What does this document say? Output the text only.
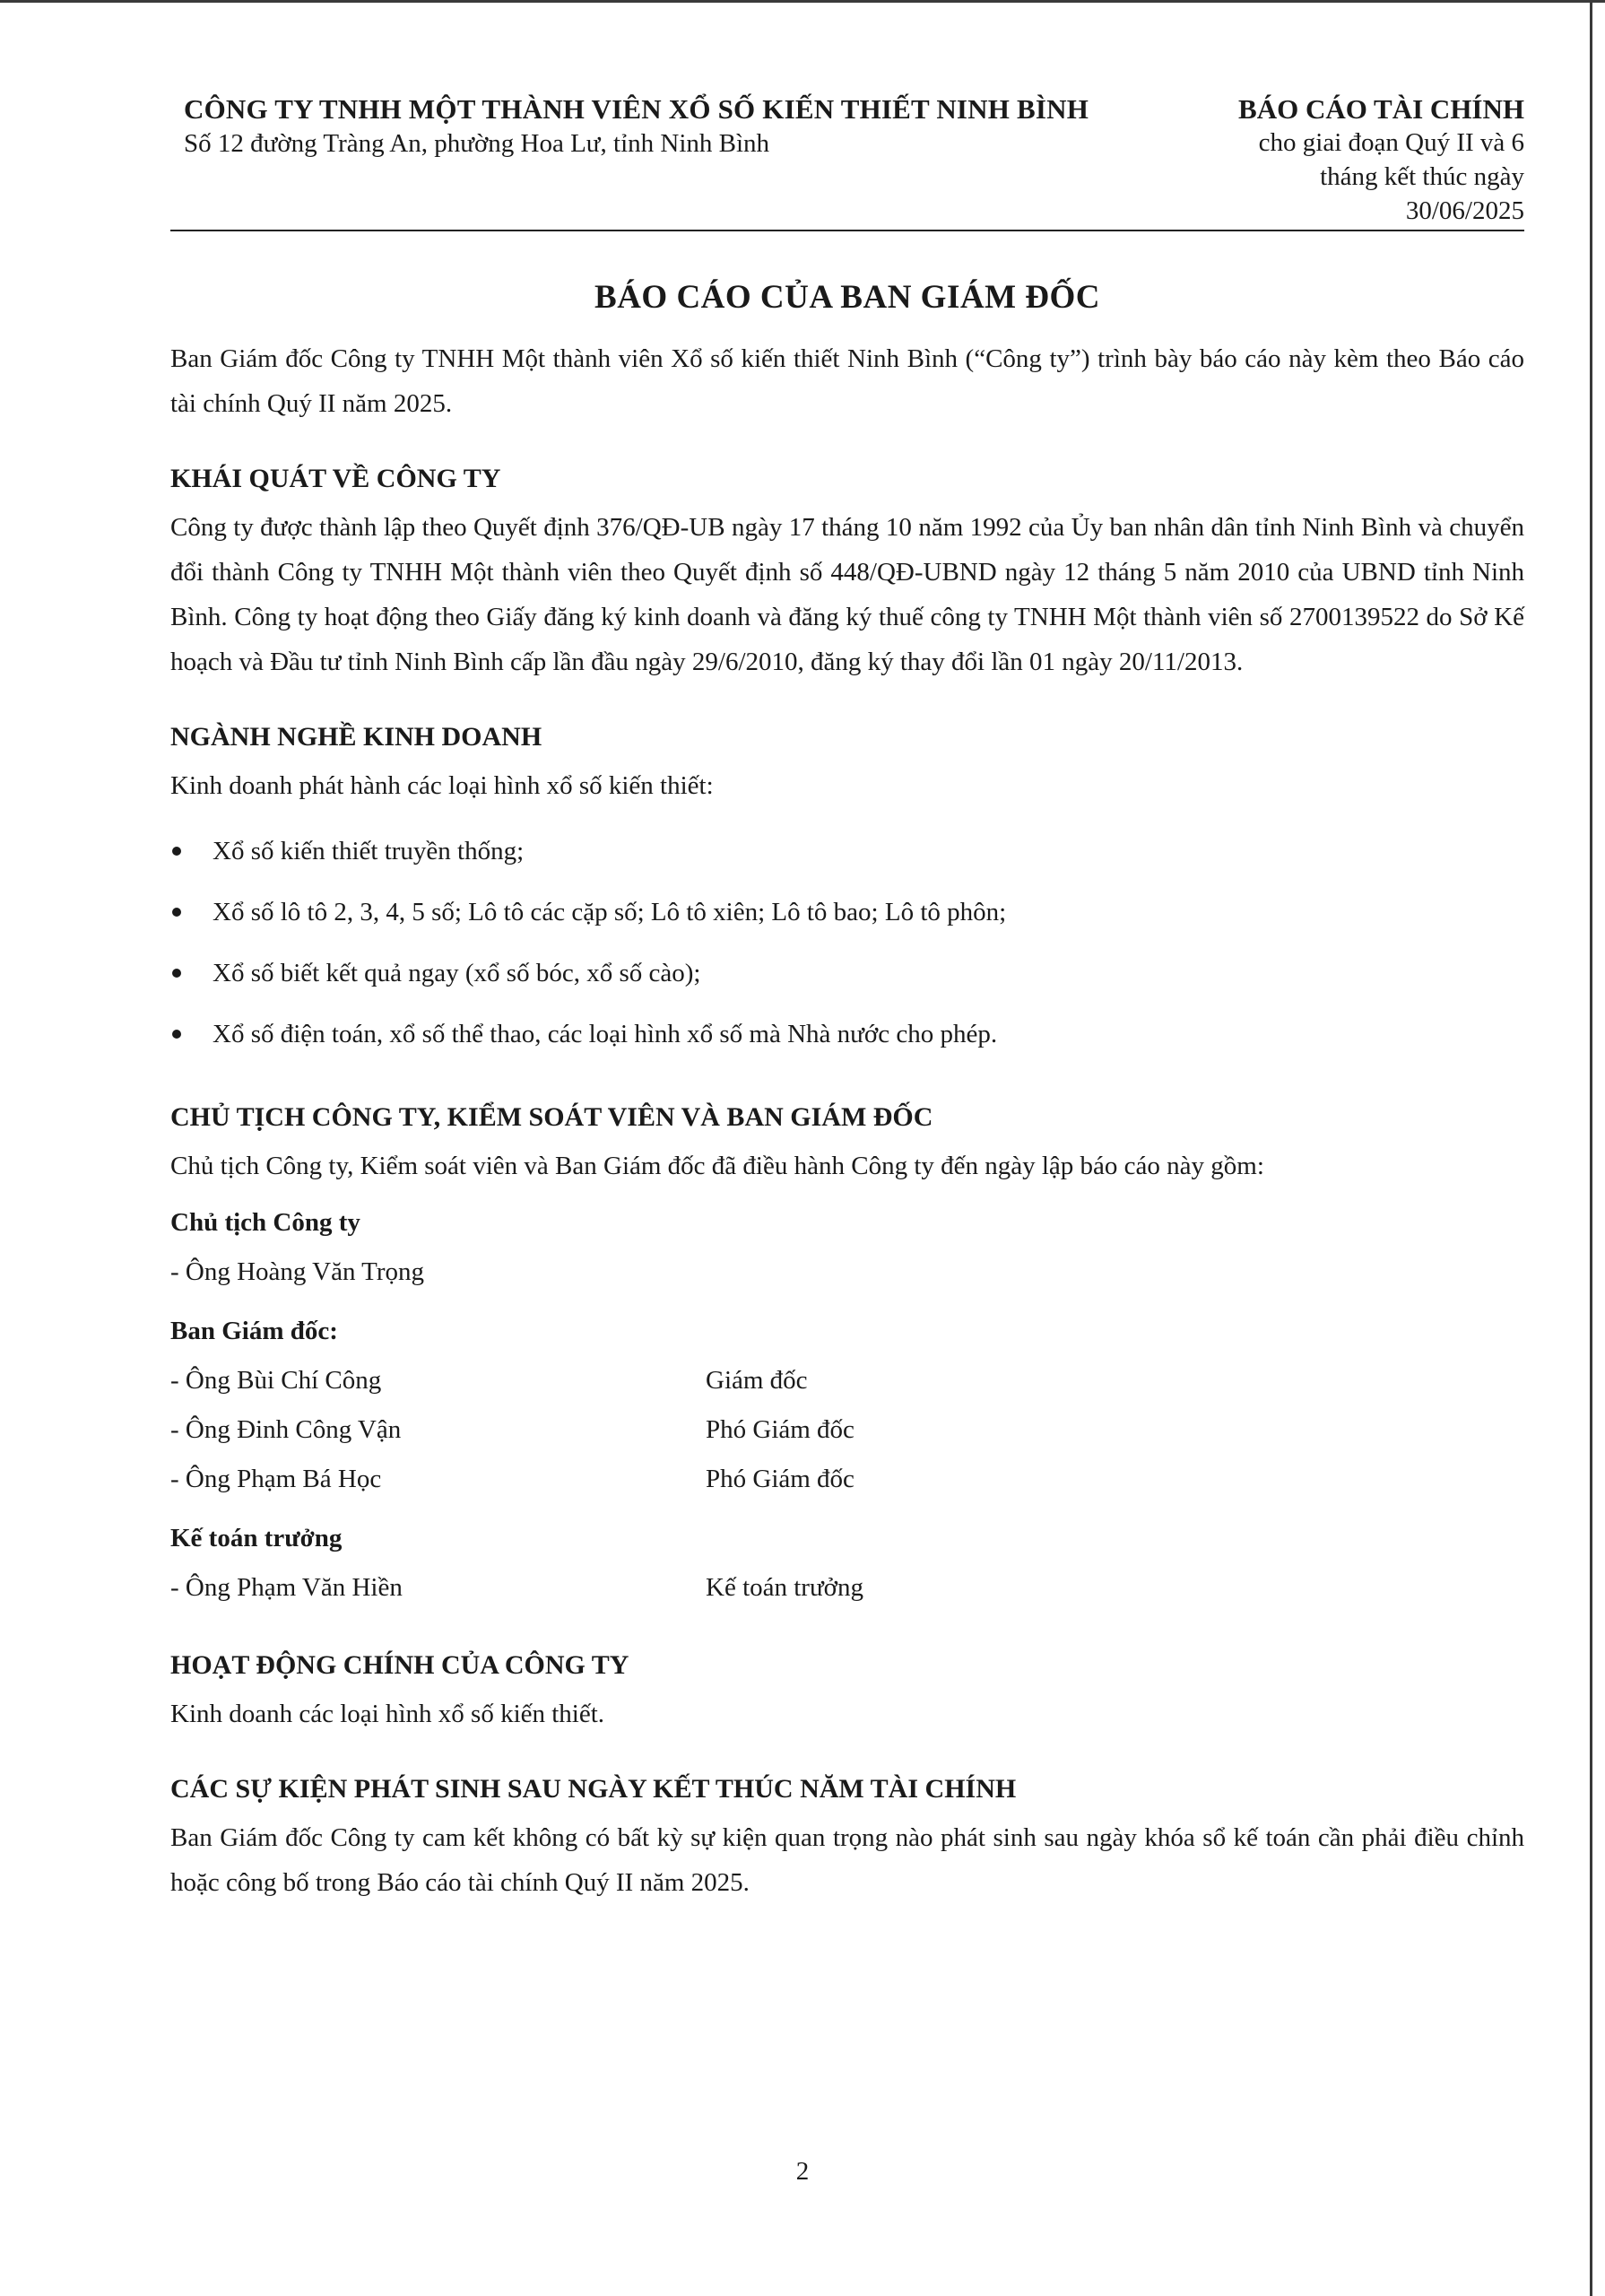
CÔNG TY TNHH MỘT THÀNH VIÊN XỔ SỐ KIẾN THIẾT NINH BÌNH
Số 12 đường Tràng An, phường Hoa Lư, tỉnh Ninh Bình
BÁO CÁO TÀI CHÍNH
cho giai đoạn Quý II và 6
tháng kết thúc ngày
30/06/2025
BÁO CÁO CỦA BAN GIÁM ĐỐC

Ban Giám đốc Công ty TNHH Một thành viên Xổ số kiến thiết Ninh Bình (“Công ty”) trình bày báo cáo này kèm theo Báo cáo tài chính Quý II năm 2025.

KHÁI QUÁT VỀ CÔNG TY

Công ty được thành lập theo Quyết định 376/QĐ-UB ngày 17 tháng 10 năm 1992 của Ủy ban nhân dân tỉnh Ninh Bình và chuyển đổi thành Công ty TNHH Một thành viên theo Quyết định số 448/QĐ-UBND ngày 12 tháng 5 năm 2010 của UBND tỉnh Ninh Bình. Công ty hoạt động theo Giấy đăng ký kinh doanh và đăng ký thuế công ty TNHH Một thành viên số 2700139522 do Sở Kế hoạch và Đầu tư tỉnh Ninh Bình cấp lần đầu ngày 29/6/2010, đăng ký thay đổi lần 01 ngày 20/11/2013.

NGÀNH NGHỀ KINH DOANH

Kinh doanh phát hành các loại hình xổ số kiến thiết:

Xổ số kiến thiết truyền thống;
Xổ số lô tô 2, 3, 4, 5 số; Lô tô các cặp số; Lô tô xiên; Lô tô bao; Lô tô phôn;
Xổ số biết kết quả ngay (xổ số bóc, xổ số cào);
Xổ số điện toán, xổ số thể thao, các loại hình xổ số mà Nhà nước cho phép.
CHỦ TỊCH CÔNG TY, KIỂM SOÁT VIÊN VÀ BAN GIÁM ĐỐC

Chủ tịch Công ty, Kiểm soát viên và Ban Giám đốc đã điều hành Công ty đến ngày lập báo cáo này gồm:

Chủ tịch Công ty
- Ông Hoàng Văn Trọng
Ban Giám đốc:
- Ông Bùi Chí Công	Giám đốc
- Ông Đinh Công Vận	Phó Giám đốc
- Ông Phạm Bá Học	Phó Giám đốc
Kế toán trưởng
- Ông Phạm Văn Hiền	Kế toán trưởng
HOẠT ĐỘNG CHÍNH CỦA CÔNG TY

Kinh doanh các loại hình xổ số kiến thiết.

CÁC SỰ KIỆN PHÁT SINH SAU NGÀY KẾT THÚC NĂM TÀI CHÍNH

Ban Giám đốc Công ty cam kết không có bất kỳ sự kiện quan trọng nào phát sinh sau ngày khóa sổ kế toán cần phải điều chỉnh hoặc công bố trong Báo cáo tài chính Quý II năm 2025.

2
